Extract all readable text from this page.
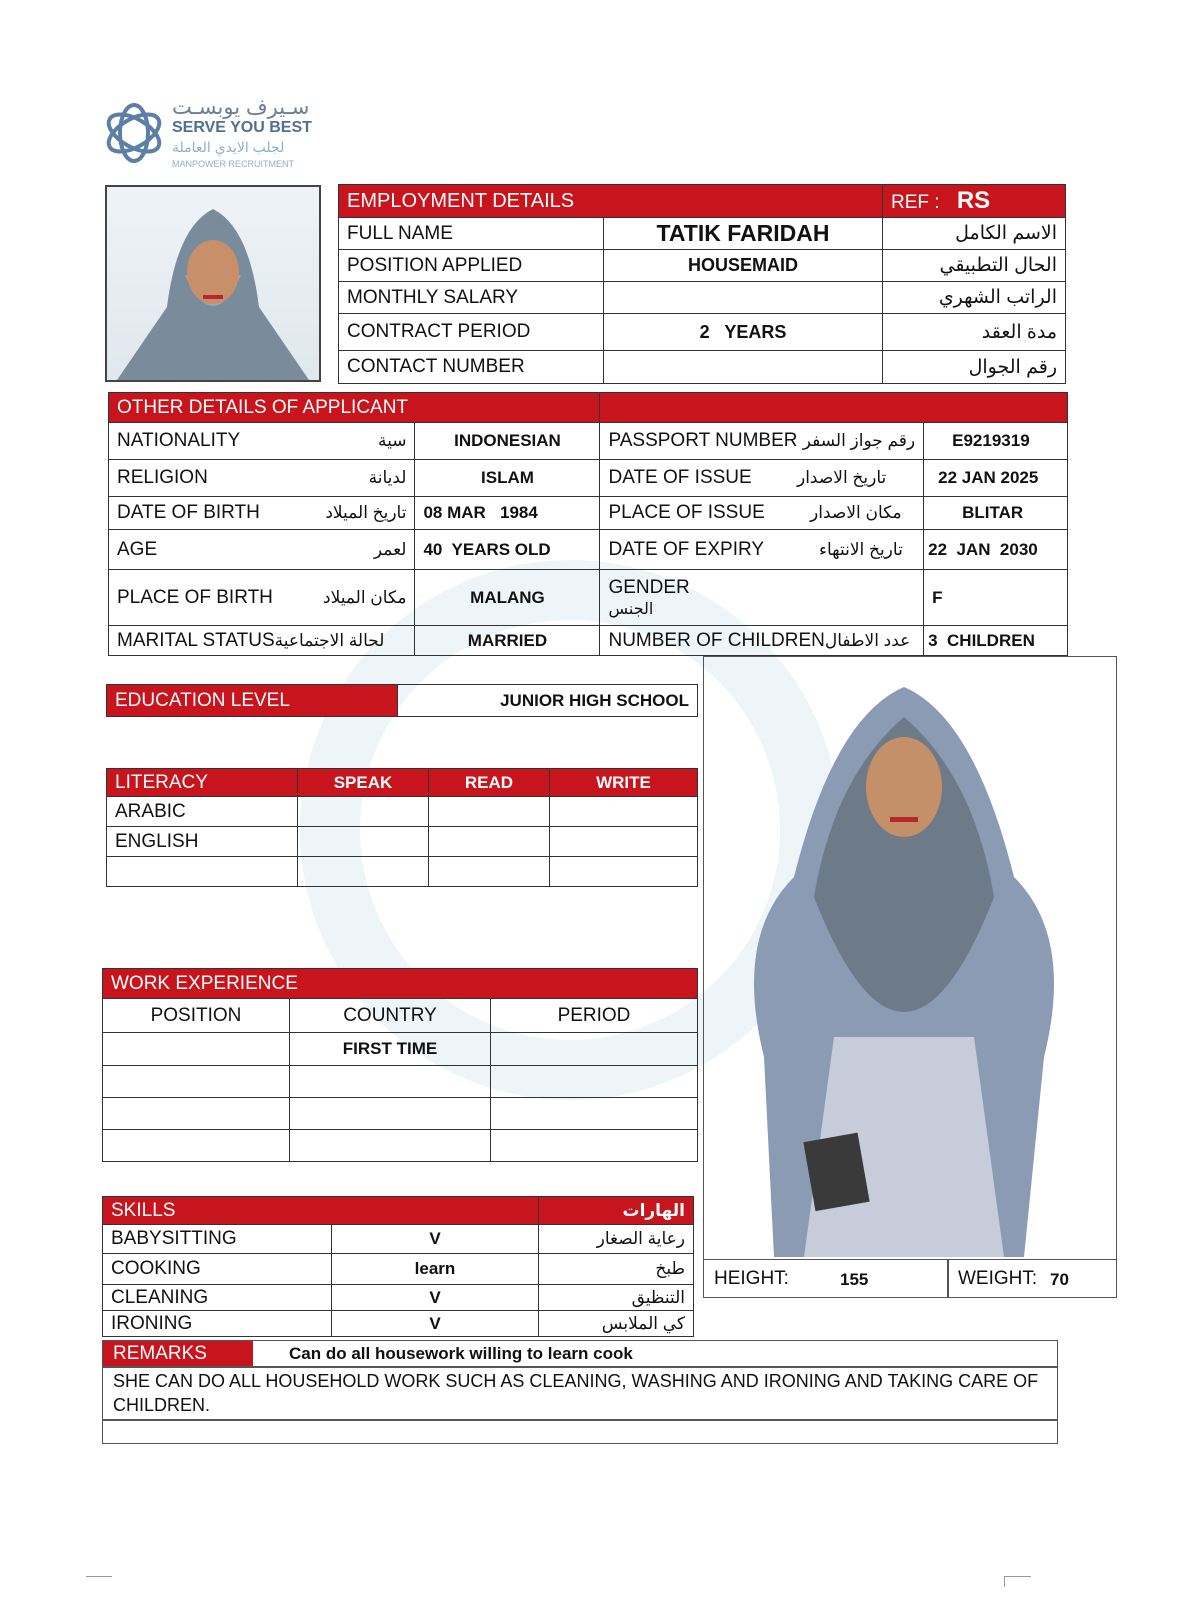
سـيرف يوبسـت
SERVE YOU BEST
لجلب الايدي العاملة
MANPOWER RECRUITMENT
EMPLOYMENT DETAILS		REF : RS
FULL NAME	TATIK FARIDAH	الاسم الكامل
POSITION APPLIED	HOUSEMAID	الحال التطبيقي
MONTHLY SALARY		الراتب الشهري
CONTRACT PERIOD	2   YEARS	مدة العقد
CONTACT NUMBER		رقم الجوال
OTHER DETAILS OF APPLICANT				
NATIONALITY	سية	INDONESIAN	PASSPORT NUMBER رقم جواز السفر	E9219319
RELIGION	لديانة	ISLAM	DATE OF ISSUE تاريخ الاصدار	22 JAN 2025
DATE OF BIRTH	تاريخ الميلاد	08 MAR   1984	PLACE OF ISSUE مكان الاصدار	BLITAR
AGE	لعمر	40  YEARS OLD	DATE OF EXPIRY تاريخ الانتهاء	22  JAN  2030
PLACE OF BIRTH	مكان الميلاد	MALANG	GENDER
الجنس	F
MARITAL STATUSلحالة الاجتماعية		MARRIED	NUMBER OF CHILDRENعدد الاطفال	3  CHILDREN
EDUCATION LEVEL	JUNIOR HIGH SCHOOL
LITERACY	SPEAK	READ	WRITE
ARABIC			
ENGLISH			

WORK EXPERIENCE		
POSITION	COUNTRY	PERIOD
	FIRST TIME	

SKILLS		الهارات
BABYSITTING	V	رعاية الصغار
COOKING	learn	طبخ
CLEANING	V	التنظيق
IRONING	V	كي الملابس
HEIGHT:	155	WEIGHT: 70
REMARKS	Can do all housework willing to learn cook
SHE CAN DO ALL HOUSEHOLD WORK SUCH AS CLEANING, WASHING AND IRONING AND TAKING CARE OF CHILDREN.
